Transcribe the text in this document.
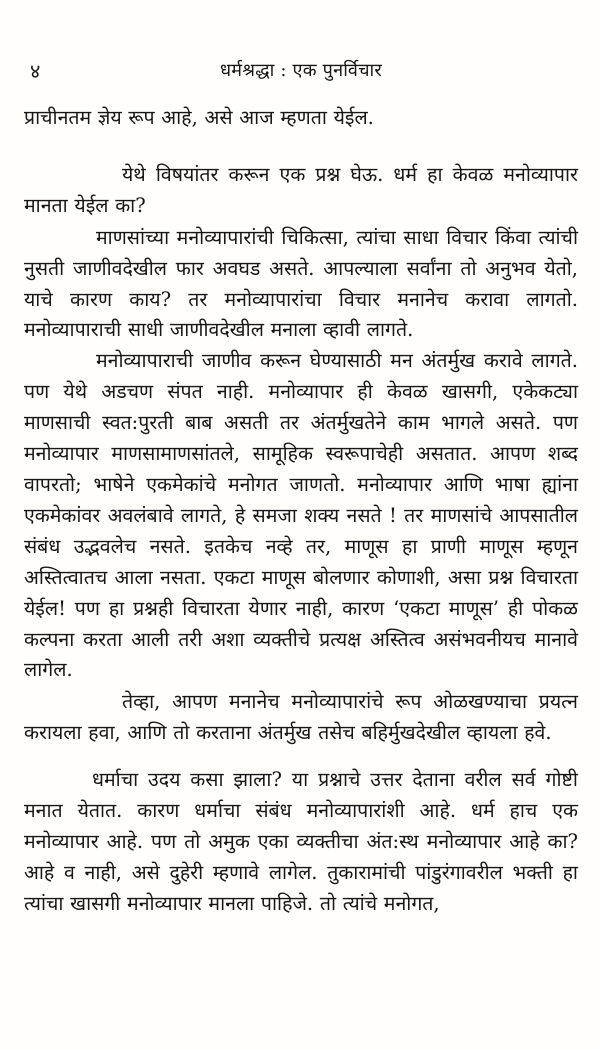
४	धर्मश्रद्धा : एक पुनर्विचार

प्राचीनतम ज्ञेय रूप आहे, असे आज म्हणता येईल.

येथे विषयांतर करून एक प्रश्न घेऊ. धर्म हा केवळ मनोव्यापार मानता येईल का?

माणसांच्या मनोव्यापारांची चिकित्सा, त्यांचा साधा विचार किंवा त्यांची नुसती जाणीवदेखील फार अवघड असते. आपल्याला सर्वांना तो अनुभव येतो, याचे कारण काय? तर मनोव्यापारांचा विचार मनानेच करावा लागतो. मनोव्यापाराची साधी जाणीवदेखील मनाला व्हावी लागते.

मनोव्यापाराची जाणीव करून घेण्यासाठी मन अंतर्मुख करावे लागते. पण येथे अडचण संपत नाही. मनोव्यापार ही केवळ खासगी, एकेकट्या माणसाची स्वत:पुरती बाब असती तर अंतर्मुखतेने काम भागले असते. पण मनोव्यापार माणसामाणसांतले, सामूहिक स्वरूपाचेही असतात. आपण शब्द वापरतो; भाषेने एकमेकांचे मनोगत जाणतो. मनोव्यापार आणि भाषा ह्यांना एकमेकांवर अवलंबावे लागते, हे समजा शक्य नसते ! तर माणसांचे आपसातील संबंध उद्भवलेच नसते. इतकेच नव्हे तर, माणूस हा प्राणी माणूस म्हणून अस्तित्वातच आला नसता. एकटा माणूस बोलणार कोणाशी, असा प्रश्न विचारता येईल! पण हा प्रश्नही विचारता येणार नाही, कारण ‘एकटा माणूस’ ही पोकळ कल्पना करता आली तरी अशा व्यक्तीचे प्रत्यक्ष अस्तित्व असंभवनीयच मानावे लागेल.

तेव्हा, आपण मनानेच मनोव्यापारांचे रूप ओळखण्याचा प्रयत्न करायला हवा, आणि तो करताना अंतर्मुख तसेच बहिर्मुखदेखील व्हायला हवे.

धर्माचा उदय कसा झाला? या प्रश्नाचे उत्तर देताना वरील सर्व गोष्टी मनात येतात. कारण धर्माचा संबंध मनोव्यापारांशी आहे. धर्म हाच एक मनोव्यापार आहे. पण तो अमुक एका व्यक्तीचा अंत:स्थ मनोव्यापार आहे का? आहे व नाही, असे दुहेरी म्हणावे लागेल. तुकारामांची पांडुरंगावरील भक्ती हा त्यांचा खासगी मनोव्यापार मानला पाहिजे. तो त्यांचे मनोगत,
